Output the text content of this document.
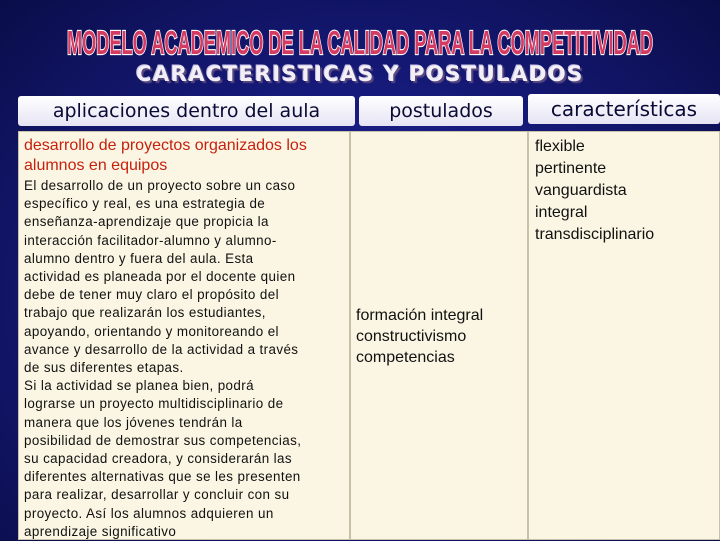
MODELO ACADEMICO DE LA CALIDAD PARA LA COMPETITIVIDAD
CARACTERISTICAS Y POSTULADOS
aplicaciones dentro del aula	postulados	características
desarrollo de proyectos organizados los alumnos en equipos
El desarrollo de un proyecto sobre un caso
específico y real, es una estrategia de
enseñanza-aprendizaje que propicia la
interacción facilitador-alumno y alumno-
alumno dentro y fuera del aula. Esta
actividad es planeada por el docente quien
debe de tener muy claro el propósito del
trabajo que realizarán los estudiantes,
apoyando, orientando y monitoreando el
avance y desarrollo de la actividad a través
de sus diferentes etapas.
Si la actividad se planea bien, podrá
lograrse un proyecto multidisciplinario de
manera que los jóvenes tendrán la
posibilidad de demostrar sus competencias,
su capacidad creadora, y considerarán las
diferentes alternativas que se les presenten
para realizar, desarrollar y concluir con su
proyecto. Así los alumnos adquieren un
aprendizaje significativo
formación integral
constructivismo
competencias
flexible
pertinente
vanguardista
integral
transdisciplinario
